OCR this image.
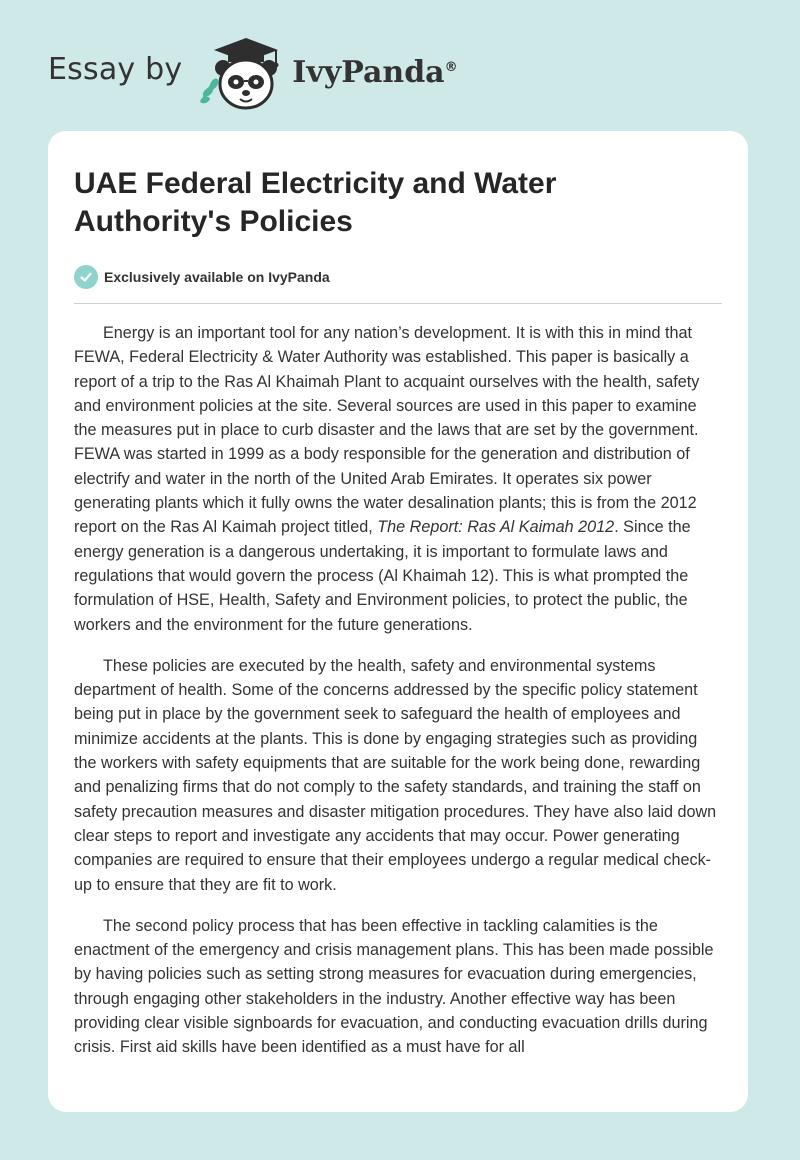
Essay by	IvyPanda®
UAE Federal Electricity and Water Authority's Policies
Exclusively available on IvyPanda

Energy is an important tool for any nation’s development. It is with this in mind that FEWA, Federal Electricity & Water Authority was established. This paper is basically a report of a trip to the Ras Al Khaimah Plant to acquaint ourselves with the health, safety and environment policies at the site. Several sources are used in this paper to examine the measures put in place to curb disaster and the laws that are set by the government. FEWA was started in 1999 as a body responsible for the generation and distribution of electrify and water in the north of the United Arab Emirates. It operates six power generating plants which it fully owns the water desalination plants; this is from the 2012 report on the Ras Al Kaimah project titled, The Report: Ras Al Kaimah 2012. Since the energy generation is a dangerous undertaking, it is important to formulate laws and regulations that would govern the process (Al Khaimah 12). This is what prompted the formulation of HSE, Health, Safety and Environment policies, to protect the public, the workers and the environment for the future generations.

These policies are executed by the health, safety and environmental systems department of health. Some of the concerns addressed by the specific policy statement being put in place by the government seek to safeguard the health of employees and minimize accidents at the plants. This is done by engaging strategies such as providing the workers with safety equipments that are suitable for the work being done, rewarding and penalizing firms that do not comply to the safety standards, and training the staff on safety precaution measures and disaster mitigation procedures. They have also laid down clear steps to report and investigate any accidents that may occur. Power generating companies are required to ensure that their employees undergo a regular medical check-up to ensure that they are fit to work.

The second policy process that has been effective in tackling calamities is the enactment of the emergency and crisis management plans. This has been made possible by having policies such as setting strong measures for evacuation during emergencies, through engaging other stakeholders in the industry. Another effective way has been providing clear visible signboards for evacuation, and conducting evacuation drills during crisis. First aid skills have been identified as a must have for all
